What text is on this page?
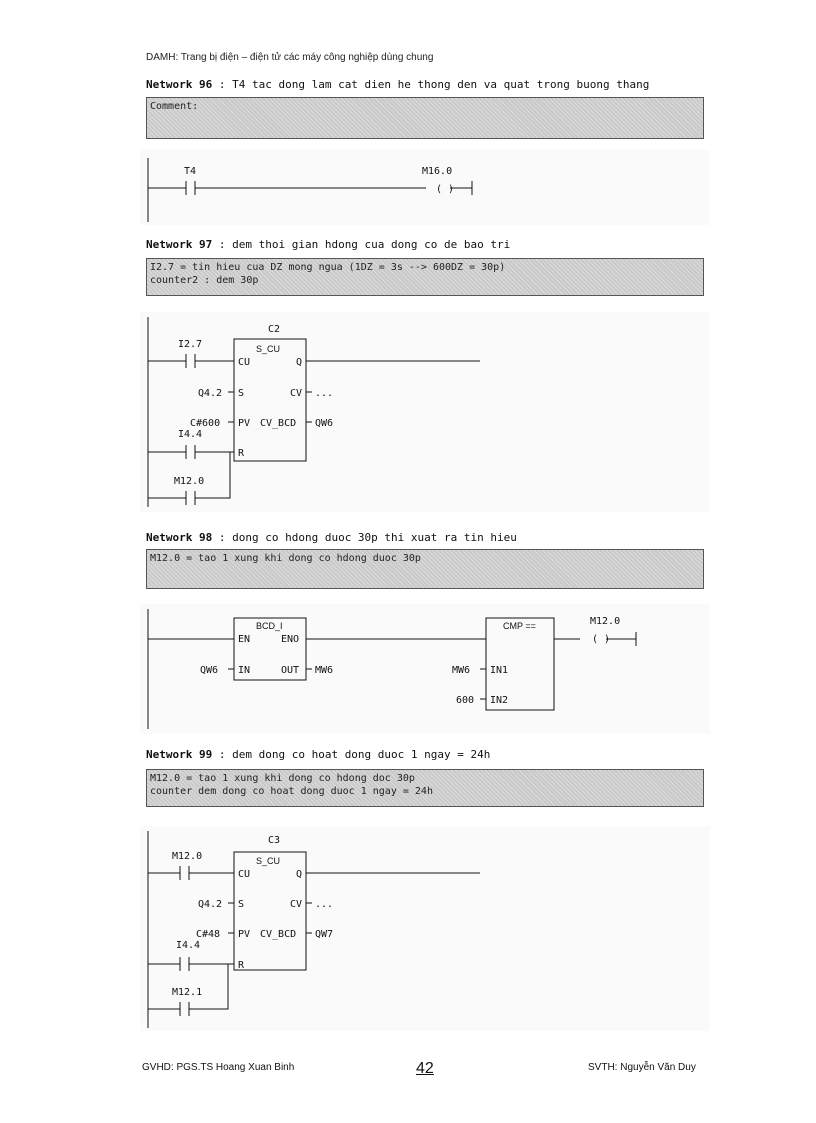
DAMH: Trang bị điện – điện tử các máy công nghiệp dùng chung
Network 96 : T4 tac dong lam cat dien he thong den va quat trong buong thang
Comment:
( )
T4	M16.0
Network 97 : dem thoi gian hdong cua dong co de bao tri
I2.7 = tin hieu cua DZ mong ngua (1DZ = 3s --> 600DZ = 30p)
counter2 : dem 30p
C2
S_CU
I2.7
CU	Q
Q4.2 S	CV ...
C#600 PV CV_BCD QW6
I4.4
R
M12.0
Network 98 : dong co hdong duoc 30p thi xuat ra tin hieu
M12.0 = tao 1 xung khi dong co hdong duoc 30p
BCD_I
EN	ENO
QW6 IN	OUT MW6
CMP ==
( )
M12.0
MW6 IN1
600 IN2
Network 99 : dem dong co hoat dong duoc 1 ngay = 24h
M12.0 = tao 1 xung khi dong co hdong doc 30p
counter dem dong co hoat dong duoc 1 ngay = 24h
C3
S_CU
M12.0
CU	Q
Q4.2 S	CV ...
C#48 PV CV_BCD QW7
I4.4
R
M12.1
GVHD: PGS.TS Hoang Xuan Binh	42	SVTH: Nguyễn Văn Duy
